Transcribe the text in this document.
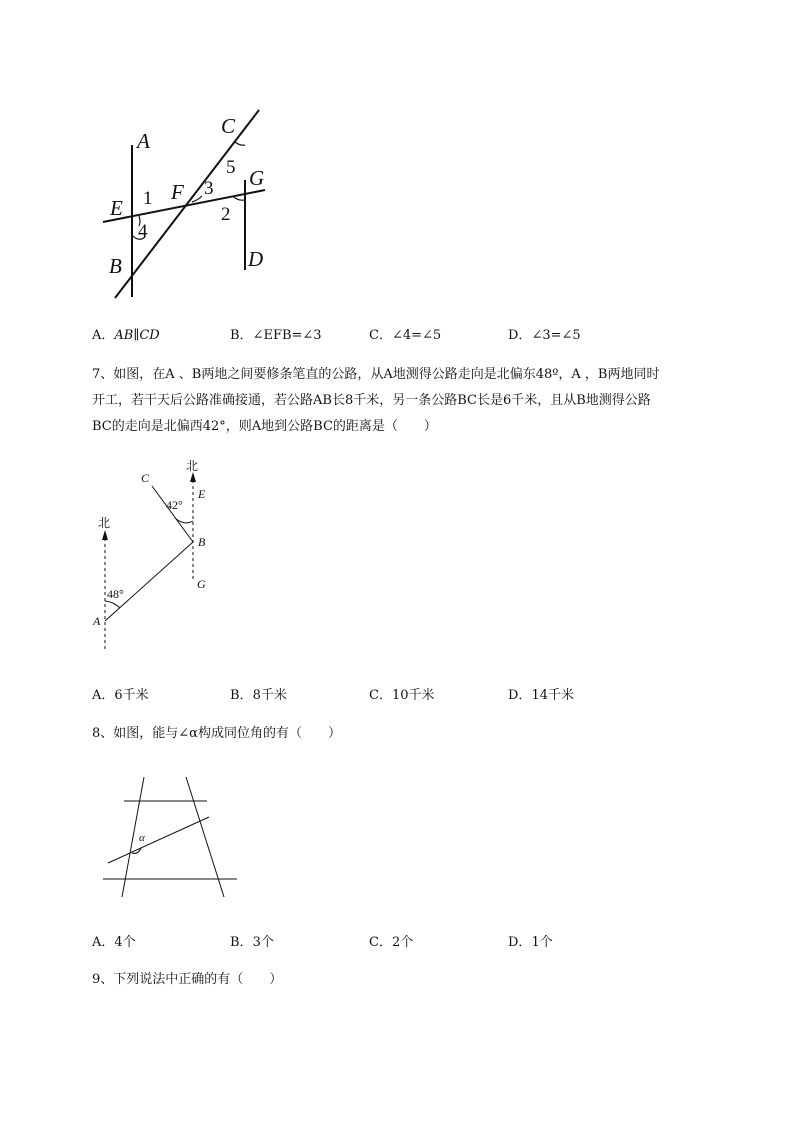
A
C
G
E
F
B	D
1
4
3
5
2
A．AB∥CD	B．∠EFB=∠3	C．∠4=∠5	D．∠3=∠5

7、如图，在A 、B两地之间要修条笔直的公路，从A地测得公路走向是北偏东48º，A ，B两地同时

开工，若干天后公路准确接通，若公路AB长8千米，另一条公路BC长是6千米，且从B地测得公路

BC的走向是北偏西42°，则A地到公路BC的距离是（　　）

北
北
C
E
B
G
A
48°
42°
A．6千米	B．8千米	C．10千米	D．14千米

8、如图，能与∠α构成同位角的有（　　）

α
A．4个	B．3个	C．2个	D．1个

9、下列说法中正确的有（　　）
